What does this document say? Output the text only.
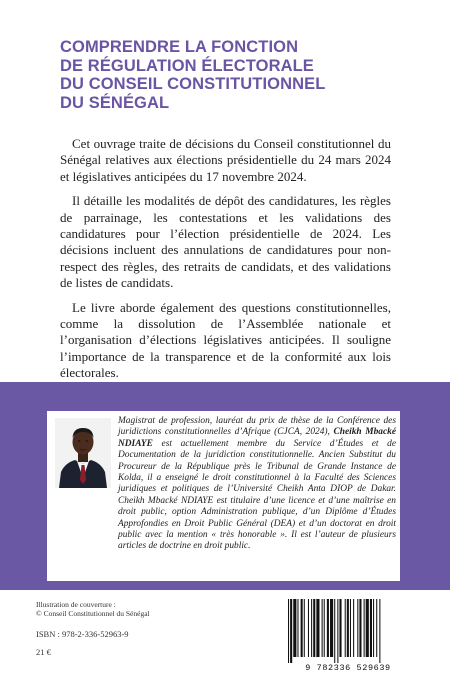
COMPRENDRE LA FONCTION
DE RÉGULATION ÉLECTORALE
DU CONSEIL CONSTITUTIONNEL
DU SÉNÉGAL

Cet ouvrage traite de décisions du Conseil constitutionnel du Sénégal relatives aux élections présidentielle du 24 mars 2024 et législatives anticipées du 17 novembre 2024.

Il détaille les modalités de dépôt des candidatures, les règles de parrainage, les contestations et les validations des candidatures pour l’élection présidentielle de 2024. Les décisions incluent des annulations de candidatures pour non-respect des règles, des retraits de candidats, et des validations de listes de candidats.

Le livre aborde également des questions constitutionnelles, comme la dissolution de l’Assemblée nationale et l’organisation d’élections législatives anticipées. Il souligne l’importance de la transparence et de la conformité aux lois électorales.

Magistrat de profession, lauréat du prix de thèse de la Conférence des juridictions constitutionnelles d’Afrique (CJCA, 2024), Cheikh Mbacké NDIAYE est actuellement membre du Service d’Études et de Documentation de la juridiction constitutionnelle. Ancien Substitut du Procureur de la République près le Tribunal de Grande Instance de Kolda, il a enseigné le droit constitutionnel à la Faculté des Sciences juridiques et politiques de l’Université Cheikh Anta DIOP de Dakar. Cheikh Mbacké NDIAYE est titulaire d’une licence et d’une maîtrise en droit public, option Administration publique, d’un Diplôme d’Études Approfondies en Droit Public Général (DEA) et d’un doctorat en droit public avec la mention « très honorable ». Il est l’auteur de plusieurs articles de doctrine en droit public.
Illustration de couverture :
© Conseil Constitutionnel du Sénégal
ISBN : 978-2-336-52963-9
21 €
9 782336 529639
